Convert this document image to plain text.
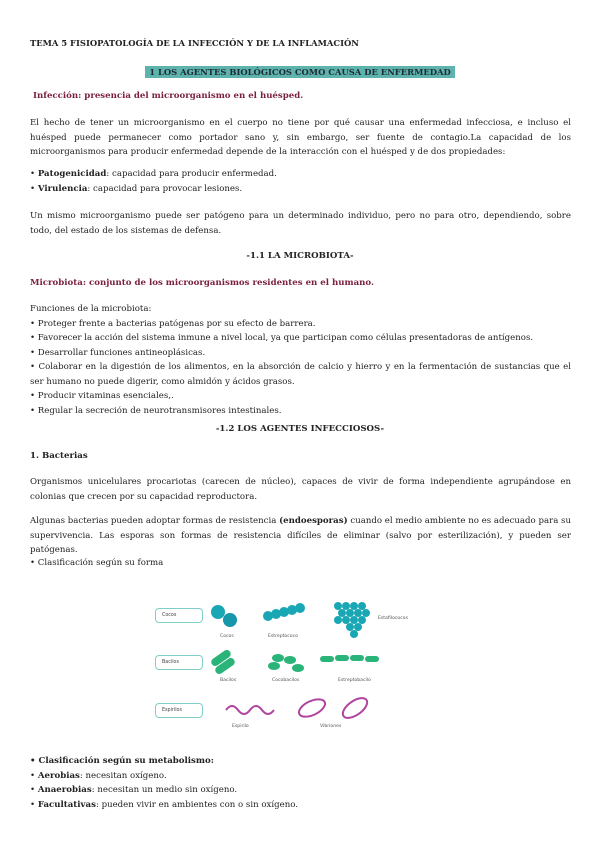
TEMA 5 FISIOPATOLOGÍA DE LA INFECCIÓN Y DE LA INFLAMACIÓN

1 LOS AGENTES BIOLÓGICOS COMO CAUSA DE ENFERMEDAD

Infección: presencia del microorganismo en el huésped.

El hecho de tener un microorganismo en el cuerpo no tiene por qué causar una enfermedad infecciosa, e incluso el huésped puede permanecer como portador sano y, sin embargo, ser fuente de contagio.La capacidad de los microorganismos para producir enfermedad depende de la interacción con el huésped y de dos propiedades:

• Patogenicidad: capacidad para producir enfermedad.

• Virulencia: capacidad para provocar lesiones.

Un mismo microorganismo puede ser patógeno para un determinado individuo, pero no para otro, dependiendo, sobre todo, del estado de los sistemas de defensa.

-1.1 LA MICROBIOTA-

Microbiota: conjunto de los microorganismos residentes en el humano.

Funciones de la microbiota:

• Proteger frente a bacterias patógenas por su efecto de barrera.

• Favorecer la acción del sistema inmune a nivel local, ya que participan como células presentadoras de antígenos.

• Desarrollar funciones antineoplásicas.

• Colaborar en la digestión de los alimentos, en la absorción de calcio y hierro y en la fermentación de sustancias que el ser humano no puede digerir, como almidón y ácidos grasos.

• Producir vitaminas esenciales,.

• Regular la secreción de neurotransmisores intestinales.

-1.2 LOS AGENTES INFECCIOSOS-

1. Bacterias

Organismos unicelulares procariotas (carecen de núcleo), capaces de vivir de forma independiente agrupándose en colonias que crecen por su capacidad reproductora.

Algunas bacterias pueden adoptar formas de resistencia (endoesporas) cuando el medio ambiente no es adecuado para su supervivencia. Las esporas son formas de resistencia difíciles de eliminar (salvo por esterilización), y pueden ser patógenas.

• Clasificación según su forma

Cocos
Bacilos
Espirilos
Cocos	Estreptococo
Estafilococos
Bacilos	Cocobacilos	Estreptobacilo
Espirilo	Vibriones

• Clasificación según su metabolismo:

• Aerobias: necesitan oxígeno.

• Anaerobias: necesitan un medio sin oxígeno.

• Facultativas: pueden vivir en ambientes con o sin oxígeno.
